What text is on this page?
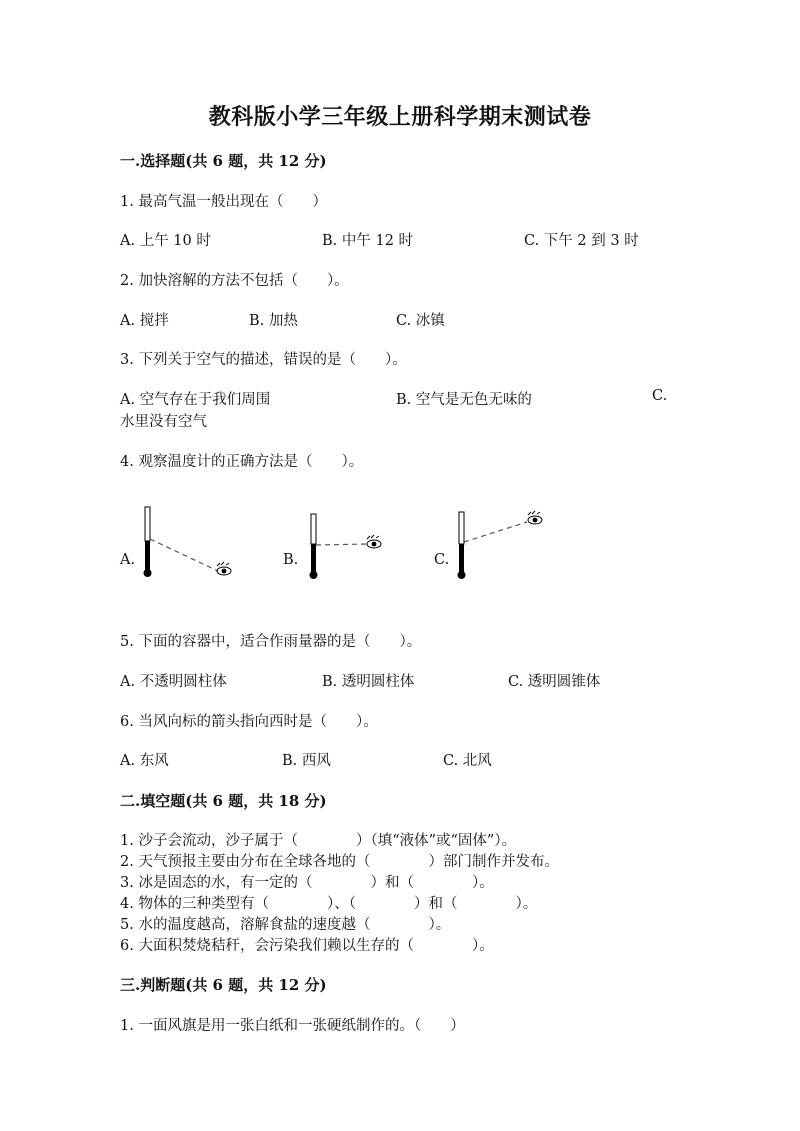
教科版小学三年级上册科学期末测试卷
一.选择题(共 6 题，共 12 分)
1. 最高气温一般出现在（　　）
A. 上午 10 时	B. 中午 12 时	C. 下午 2 到 3 时
2. 加快溶解的方法不包括（　　）。
A. 搅拌	B. 加热	C. 冰镇
3. 下列关于空气的描述，错误的是（　　）。
A. 空气存在于我们周围	B. 空气是无色无味的	C.
水里没有空气
4. 观察温度计的正确方法是（　　）。
A.	B.	C.
5. 下面的容器中，适合作雨量器的是（　　）。
A. 不透明圆柱体	B. 透明圆柱体	C. 透明圆锥体
6. 当风向标的箭头指向西时是（　　）。
A. 东风	B. 西风	C. 北风
二.填空题(共 6 题，共 18 分)
1. 沙子会流动，沙子属于（　　　　）（填“液体”或“固体”）。
2. 天气预报主要由分布在全球各地的（　　　　）部门制作并发布。
3. 冰是固态的水，有一定的（　　　　）和（　　　　）。
4. 物体的三种类型有（　　　　）、（　　　　）和（　　　　）。
5. 水的温度越高，溶解食盐的速度越（　　　　）。
6. 大面积焚烧秸秆，会污染我们赖以生存的（　　　　）。
三.判断题(共 6 题，共 12 分)
1. 一面风旗是用一张白纸和一张硬纸制作的。（　　）
